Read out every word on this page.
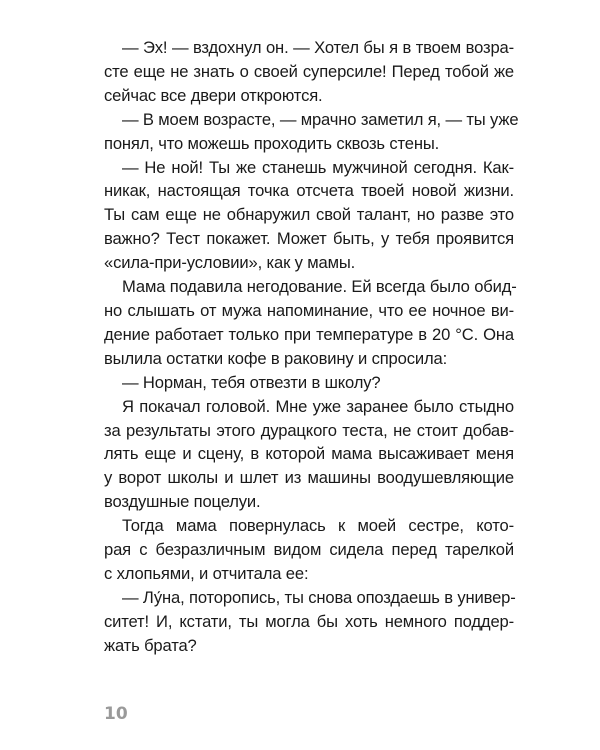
— Эх! — вздохнул он. — Хотел бы я в твоем возра-
сте еще не знать о своей суперсиле! Перед тобой же
сейчас все двери откроются.
— В моем возрасте, — мрачно заметил я, — ты уже
понял, что можешь проходить сквозь стены.
— Не ной! Ты же станешь мужчиной сегодня. Как-
никак, настоящая точка отсчета твоей новой жизни.
Ты сам еще не обнаружил свой талант, но разве это
важно? Тест покажет. Может быть, у тебя проявится
«сила-при-условии», как у мамы.
Мама подавила негодование. Ей всегда было обид-
но слышать от мужа напоминание, что ее ночное ви-
дение работает только при температуре в 20 °C. Она
вылила остатки кофе в раковину и спросила:
— Норман, тебя отвезти в школу?
Я покачал головой. Мне уже заранее было стыдно
за результаты этого дурацкого теста, не стоит добав-
лять еще и сцену, в которой мама высаживает меня
у ворот школы и шлет из машины воодушевляющие
воздушные поцелуи.
Тогда мама повернулась к моей сестре, кото-
рая с безразличным видом сидела перед тарелкой
с хлопьями, и отчитала ее:
— Лу́на, поторопись, ты снова опоздаешь в универ-
ситет! И, кстати, ты могла бы хоть немного поддер-
жать брата?
10
